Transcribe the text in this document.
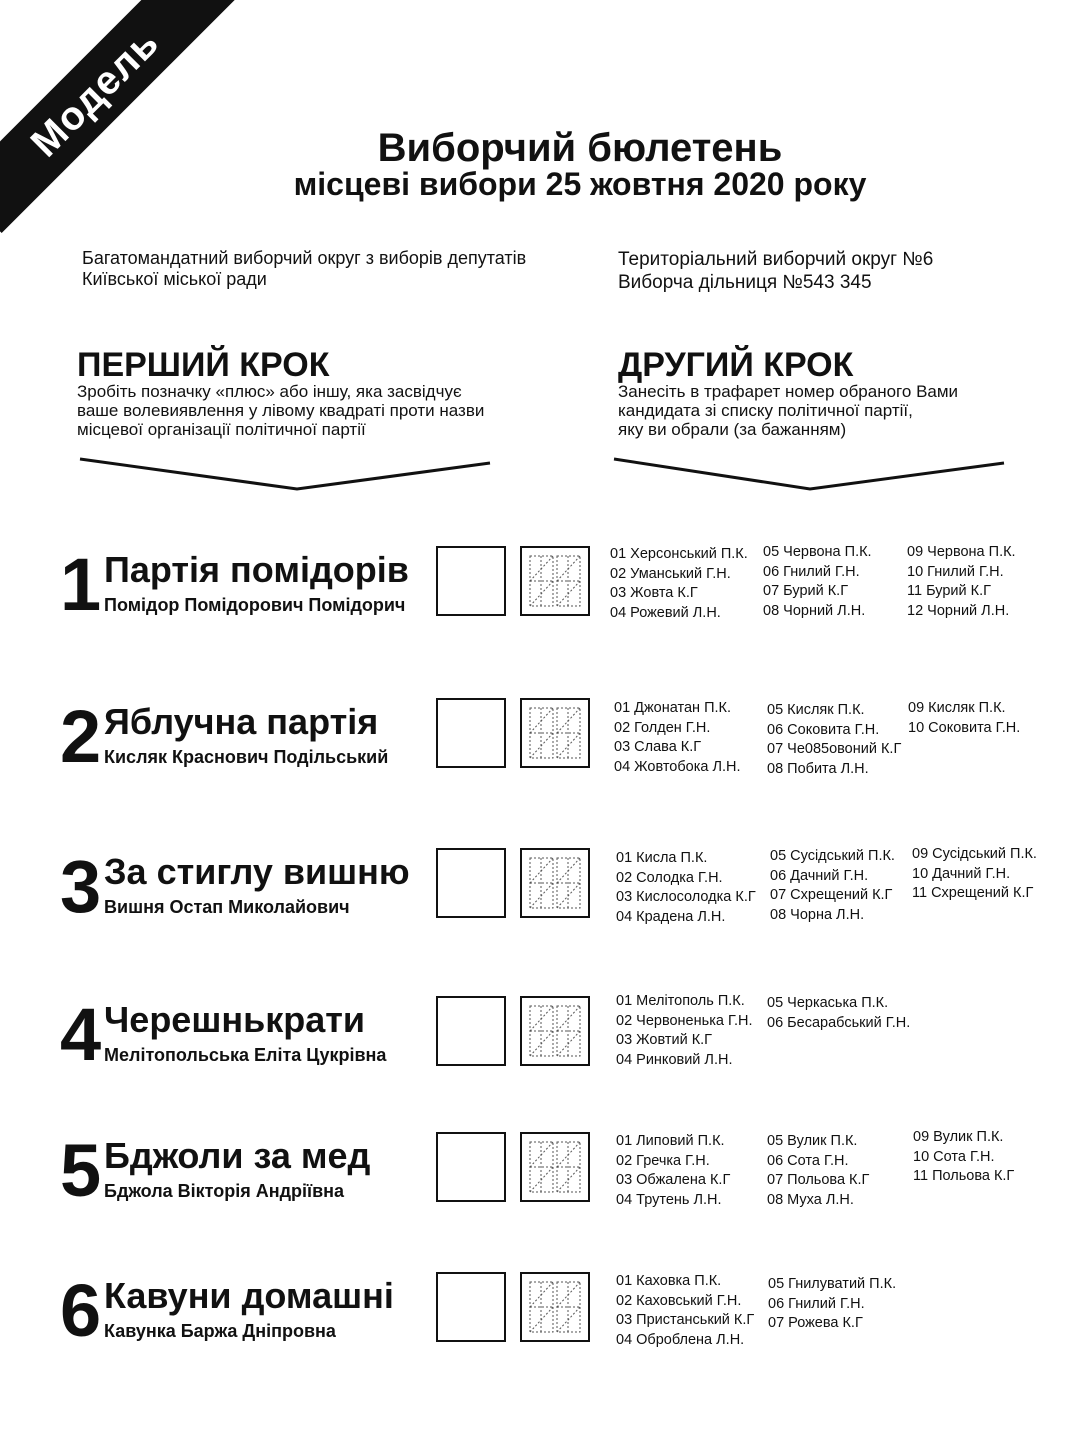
Модель	Виборчий бюлетень
місцеві вибори 25 жовтня 2020 року
Багатомандатний виборчий округ з виборів депутатів
Київської міської ради
Територіальний виборчий округ №6
Виборча дільниця №543 345
ПЕРШИЙ КРОК
Зробіть позначку «плюс» або іншу, яка засвідчує
ваше волевиявлення у лівому квадраті проти назви
місцевої організації політичної партії
ДРУГИЙ КРОК
Занесіть в трафарет номер обраного Вами
кандидата зі списку політичної партії,
яку ви обрали (за бажанням)
1 Партія помідорів
Помідор Помідорович Помідорич
01 Херсонський П.К.
02 Уманський Г.Н.
03 Жовта К.Г
04 Рожевий Л.Н.
05 Червона П.К.
06 Гнилий Г.Н.
07 Бурий К.Г
08 Чорний Л.Н.
09 Червона П.К.
10 Гнилий Г.Н.
11 Бурий К.Г
12 Чорний Л.Н.
2 Яблучна партія
Кисляк Краснович Подільський
01 Джонатан П.К.
02 Голден Г.Н.
03 Слава К.Г
04 Жовтобока Л.Н.
05 Кисляк П.К.
06 Соковита Г.Н.
07 Че085овоний К.Г
08 Побита Л.Н.
09 Кисляк П.К.
10 Соковита Г.Н.
3 За стиглу вишню
Вишня Остап Миколайович
01 Кисла П.К.
02 Солодка Г.Н.
03 Кислосолодка К.Г
04 Крадена Л.Н.
05 Сусідський П.К.
06 Дачний Г.Н.
07 Схрещений К.Г
08 Чорна Л.Н.
09 Сусідський П.К.
10 Дачний Г.Н.
11 Схрещений К.Г
4 Черешнькрати
Мелітопольська Еліта Цукрівна
01 Мелітополь П.К.
02 Червоненька Г.Н.
03 Жовтий К.Г
04 Ринковий Л.Н.
05 Черкаська П.К.
06 Бесарабський Г.Н.
5 Бджоли за мед
Бджола Вікторія Андріївна
01 Липовий П.К.
02 Гречка Г.Н.
03 Обжалена К.Г
04 Трутень Л.Н.
05 Вулик П.К.
06 Сота Г.Н.
07 Польова К.Г
08 Муха Л.Н.
09 Вулик П.К.
10 Сота Г.Н.
11 Польова К.Г
6 Кавуни домашні
Кавунка Баржа Дніпровна
01 Каховка П.К.
02 Каховський Г.Н.
03 Пристанський К.Г
04 Оброблена Л.Н.
05 Гнилуватий П.К.
06 Гнилий Г.Н.
07 Рожева К.Г
